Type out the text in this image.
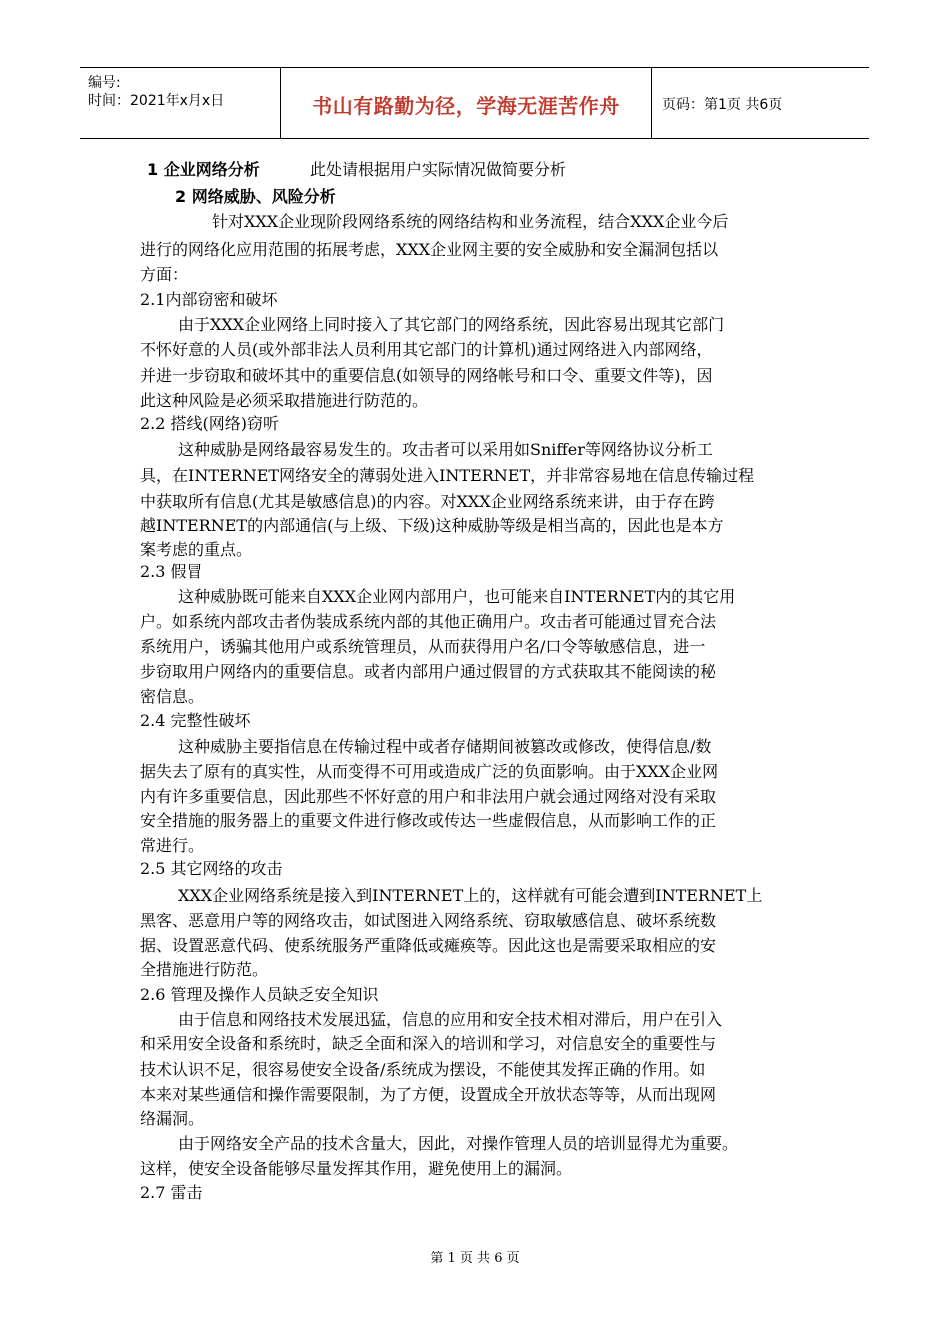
编号:
时间：2021年x月x日	书山有路勤为径，学海无涯苦作舟	页码：第1页 共6页
1 企业网络分析	此处请根据用户实际情况做简要分析
2 网络威胁、风险分析
针对XXX企业现阶段网络系统的网络结构和业务流程，结合XXX企业今后
进行的网络化应用范围的拓展考虑，XXX企业网主要的安全威胁和安全漏洞包括以
方面：
2.1内部窃密和破坏
由于XXX企业网络上同时接入了其它部门的网络系统，因此容易出现其它部门
不怀好意的人员(或外部非法人员利用其它部门的计算机)通过网络进入内部网络，
并进一步窃取和破坏其中的重要信息(如领导的网络帐号和口令、重要文件等)，因
此这种风险是必须采取措施进行防范的。
2.2 搭线(网络)窃听
这种威胁是网络最容易发生的。攻击者可以采用如Sniffer等网络协议分析工
具，在INTERNET网络安全的薄弱处进入INTERNET，并非常容易地在信息传输过程
中获取所有信息(尤其是敏感信息)的内容。对XXX企业网络系统来讲，由于存在跨
越INTERNET的内部通信(与上级、下级)这种威胁等级是相当高的，因此也是本方
案考虑的重点。
2.3 假冒
这种威胁既可能来自XXX企业网内部用户，也可能来自INTERNET内的其它用
户。如系统内部攻击者伪装成系统内部的其他正确用户。攻击者可能通过冒充合法
系统用户，诱骗其他用户或系统管理员，从而获得用户名/口令等敏感信息，进一
步窃取用户网络内的重要信息。或者内部用户通过假冒的方式获取其不能阅读的秘
密信息。
2.4 完整性破坏
这种威胁主要指信息在传输过程中或者存储期间被篡改或修改，使得信息/数
据失去了原有的真实性，从而变得不可用或造成广泛的负面影响。由于XXX企业网
内有许多重要信息，因此那些不怀好意的用户和非法用户就会通过网络对没有采取
安全措施的服务器上的重要文件进行修改或传达一些虚假信息，从而影响工作的正
常进行。
2.5 其它网络的攻击
XXX企业网络系统是接入到INTERNET上的，这样就有可能会遭到INTERNET上
黑客、恶意用户等的网络攻击，如试图进入网络系统、窃取敏感信息、破坏系统数
据、设置恶意代码、使系统服务严重降低或瘫痪等。因此这也是需要采取相应的安
全措施进行防范。
2.6 管理及操作人员缺乏安全知识
由于信息和网络技术发展迅猛，信息的应用和安全技术相对滞后，用户在引入
和采用安全设备和系统时，缺乏全面和深入的培训和学习，对信息安全的重要性与
技术认识不足，很容易使安全设备/系统成为摆设，不能使其发挥正确的作用。如
本来对某些通信和操作需要限制，为了方便，设置成全开放状态等等，从而出现网
络漏洞。
由于网络安全产品的技术含量大，因此，对操作管理人员的培训显得尤为重要。
这样，使安全设备能够尽量发挥其作用，避免使用上的漏洞。
2.7 雷击
第 1 页 共 6 页
